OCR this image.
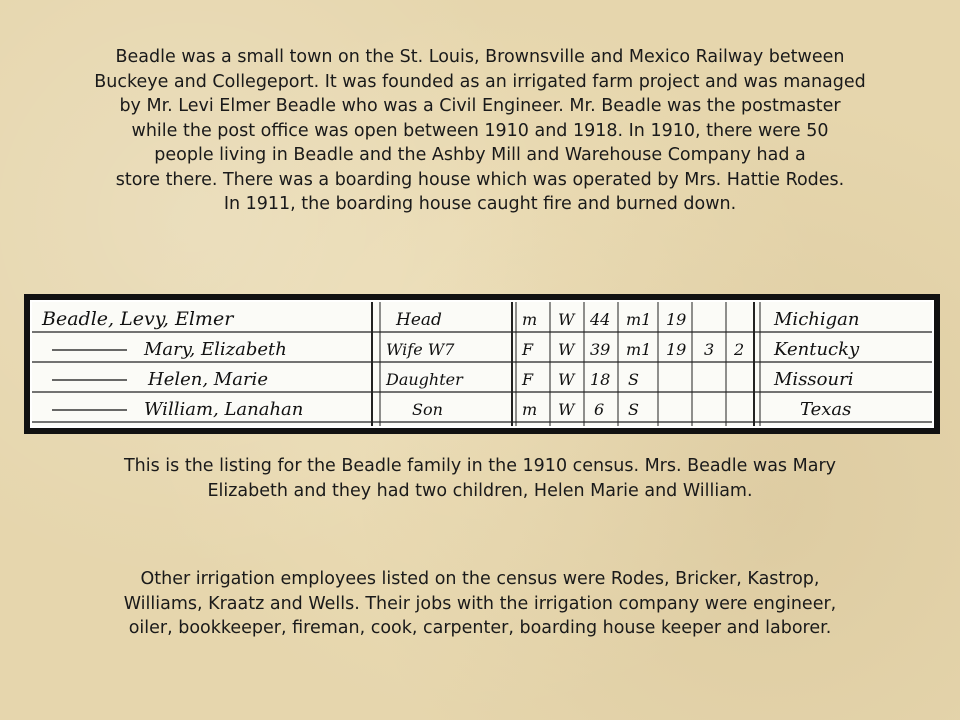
Beadle was a small town on the St. Louis, Brownsville and Mexico Railway between
Buckeye and Collegeport. It was founded as an irrigated farm project and was managed
by Mr. Levi Elmer Beadle who was a Civil Engineer. Mr. Beadle was the postmaster
while the post office was open between 1910 and 1918. In 1910, there were 50
people living in Beadle and the Ashby Mill and Warehouse Company had a
store there. There was a boarding house which was operated by Mrs. Hattie Rodes.
In 1911, the boarding house caught fire and burned down.
Beadle, Levy, Elmer	Head	m W 44 m1 19	Michigan
Mary, Elizabeth	Wife W7	F W 39 m1 19 3 2 Kentucky
Helen, Marie	Daughter	F W 18 S	Missouri
William, Lanahan	Son	m W 6 S	Texas
This is the listing for the Beadle family in the 1910 census. Mrs. Beadle was Mary
Elizabeth and they had two children, Helen Marie and William.
Other irrigation employees listed on the census were Rodes, Bricker, Kastrop,
Williams, Kraatz and Wells. Their jobs with the irrigation company were engineer,
oiler, bookkeeper, fireman, cook, carpenter, boarding house keeper and laborer.
